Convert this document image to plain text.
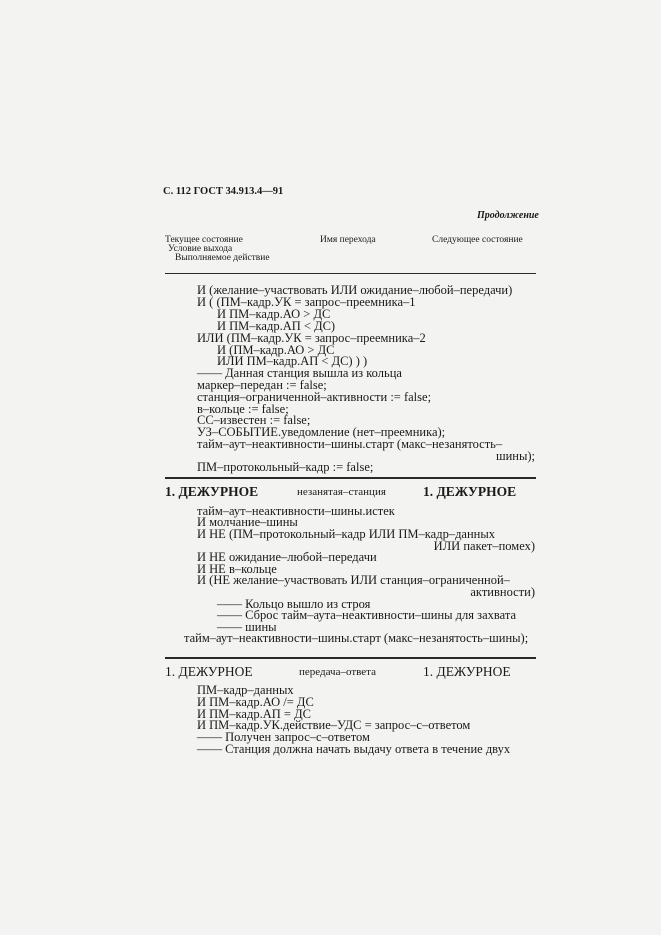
С. 112 ГОСТ 34.913.4—91
Продолжение
Текущее состояние
Условие выхода
Выполняемое действие
Имя перехода	Следующее состояние
И (желание–участвовать ИЛИ ожидание–любой–передачи)
И ( (ПМ–кадр.УК = запрос–преемника–1
И ПМ–кадр.АО > ДС
И ПМ–кадр.АП < ДС)
ИЛИ (ПМ–кадр.УК = запрос–преемника–2
И (ПМ–кадр.АО > ДС
ИЛИ ПМ–кадр.АП < ДС) ) )
—— Данная станция вышла из кольца
маркер–передан := false;
станция–ограниченной–активности := false;
в–кольце := false;
СС–известен := false;
УЗ–СОБЫТИЕ.уведомление (нет–преемника);
тайм–аут–неактивности–шины.старт (макс–незанятость–
шины);
ПМ–протокольный–кадр := false;
1. ДЕЖУРНОЕ	незанятая–станция	1. ДЕЖУРНОЕ
тайм–аут–неактивности–шины.истек
И молчание–шины
И НЕ (ПМ–протокольный–кадр ИЛИ ПМ–кадр–данных
ИЛИ пакет–помех)
И НЕ ожидание–любой–передачи
И НЕ в–кольце
И (НЕ желание–участвовать ИЛИ станция–ограниченной–
активности)
—— Кольцо вышло из строя
—— Сброс тайм–аута–неактивности–шины для захвата
—— шины
тайм–аут–неактивности–шины.старт (макс–незанятость–шины);
1. ДЕЖУРНОЕ	передача–ответа	1. ДЕЖУРНОЕ
ПМ–кадр–данных
И ПМ–кадр.АО /= ДС
И ПМ–кадр.АП = ДС
И ПМ–кадр.УК.действие–УДС = запрос–с–ответом
—— Получен запрос–с–ответом
—— Станция должна начать выдачу ответа в течение двух
